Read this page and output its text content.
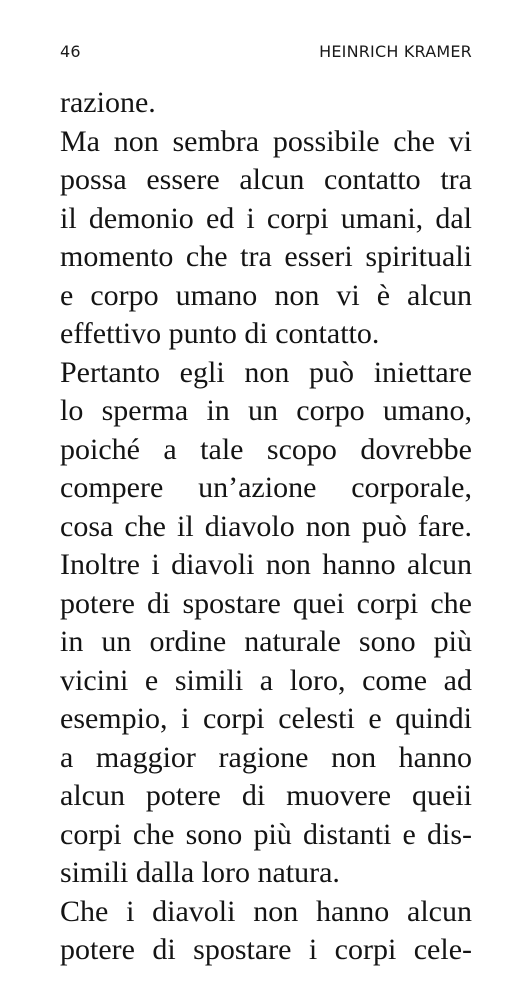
46	HEINRICH KRAMER
razione.
Ma non sembra possibile che vi
possa essere alcun contatto tra
il demonio ed i corpi umani, dal
momento che tra esseri spirituali
e corpo umano non vi è alcun
effettivo punto di contatto.
Pertanto egli non può iniettare
lo sperma in un corpo umano,
poiché a tale scopo dovrebbe
compere un’azione corporale,
cosa che il diavolo non può fare.
Inoltre i diavoli non hanno alcun
potere di spostare quei corpi che
in un ordine naturale sono più
vicini e simili a loro, come ad
esempio, i corpi celesti e quindi
a maggior ragione non hanno
alcun potere di muovere queii
corpi che sono più distanti e dis-
simili dalla loro natura.
Che i diavoli non hanno alcun
potere di spostare i corpi cele-
